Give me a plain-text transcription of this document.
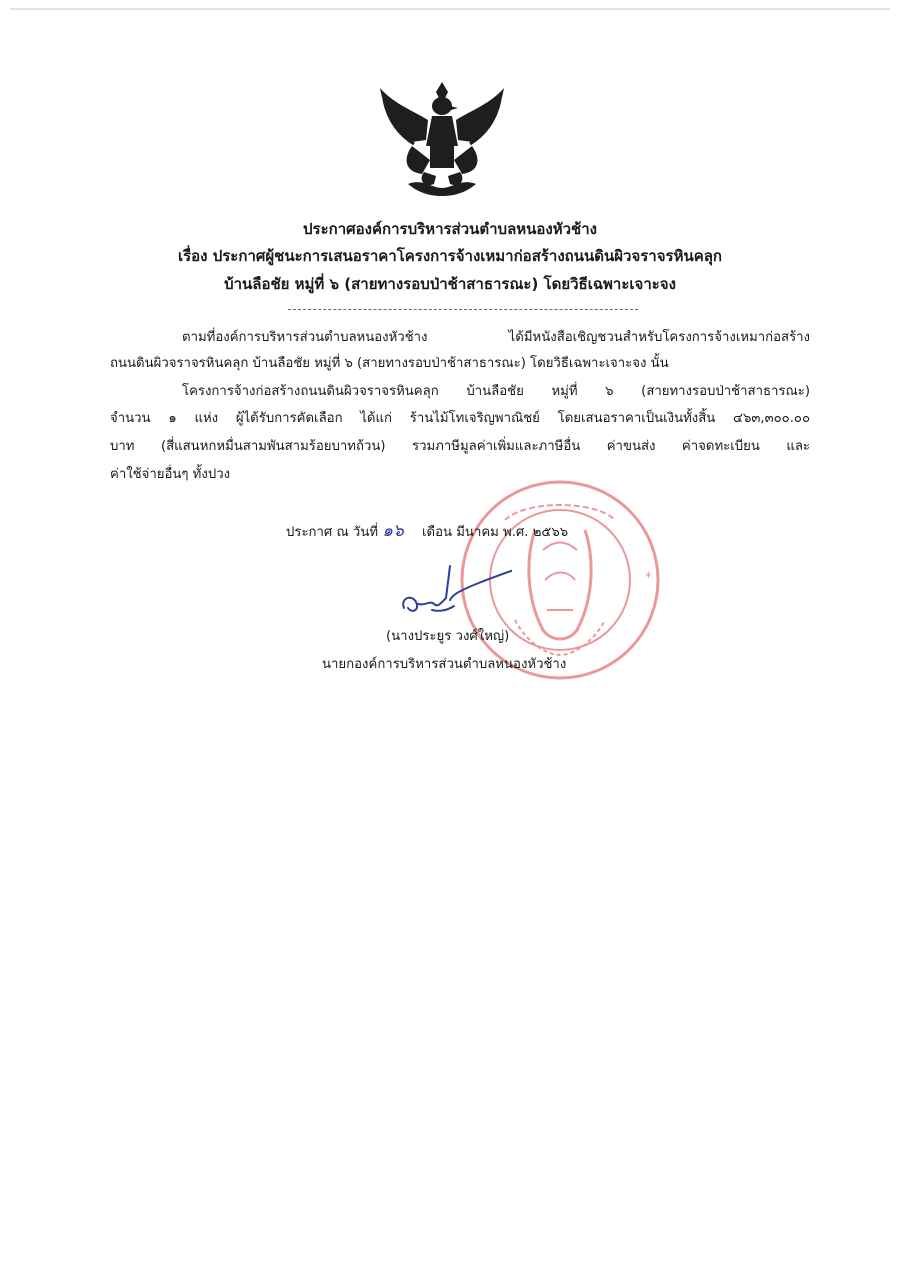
ประกาศองค์การบริหารส่วนตำบลหนองหัวช้าง
เรื่อง ประกาศผู้ชนะการเสนอราคาโครงการจ้างเหมาก่อสร้างถนนดินผิวจราจรหินคลุก
บ้านลือชัย หมู่ที่ ๖ (สายทางรอบป่าช้าสาธารณะ) โดยวิธีเฉพาะเจาะจง
ตามที่องค์การบริหารส่วนตำบลหนองหัวช้าง ได้มีหนังสือเชิญชวนสำหรับโครงการจ้างเหมาก่อสร้าง
ถนนดินผิวจราจรหินคลุก บ้านลือชัย หมู่ที่ ๖ (สายทางรอบป่าช้าสาธารณะ) โดยวิธีเฉพาะเจาะจง นั้น
โครงการจ้างก่อสร้างถนนดินผิวจราจรหินคลุก บ้านลือชัย หมู่ที่ ๖ (สายทางรอบป่าช้าสาธารณะ)
จำนวน ๑ แห่ง ผู้ได้รับการคัดเลือก ได้แก่ ร้านไม้โทเจริญพาณิชย์ โดยเสนอราคาเป็นเงินทั้งสิ้น ๔๖๓,๓๐๐.๐๐
บาท (สี่แสนหกหมื่นสามพันสามร้อยบาทถ้วน) รวมภาษีมูลค่าเพิ่มและภาษีอื่น ค่าขนส่ง ค่าจดทะเบียน และ
ค่าใช้จ่ายอื่นๆ ทั้งปวง
*
ประกาศ ณ วันที่ ๑๖ เดือน มีนาคม พ.ศ. ๒๕๖๖
(นางประยูร วงศ์ใหญ่)
นายกองค์การบริหารส่วนตำบลหนองหัวช้าง
